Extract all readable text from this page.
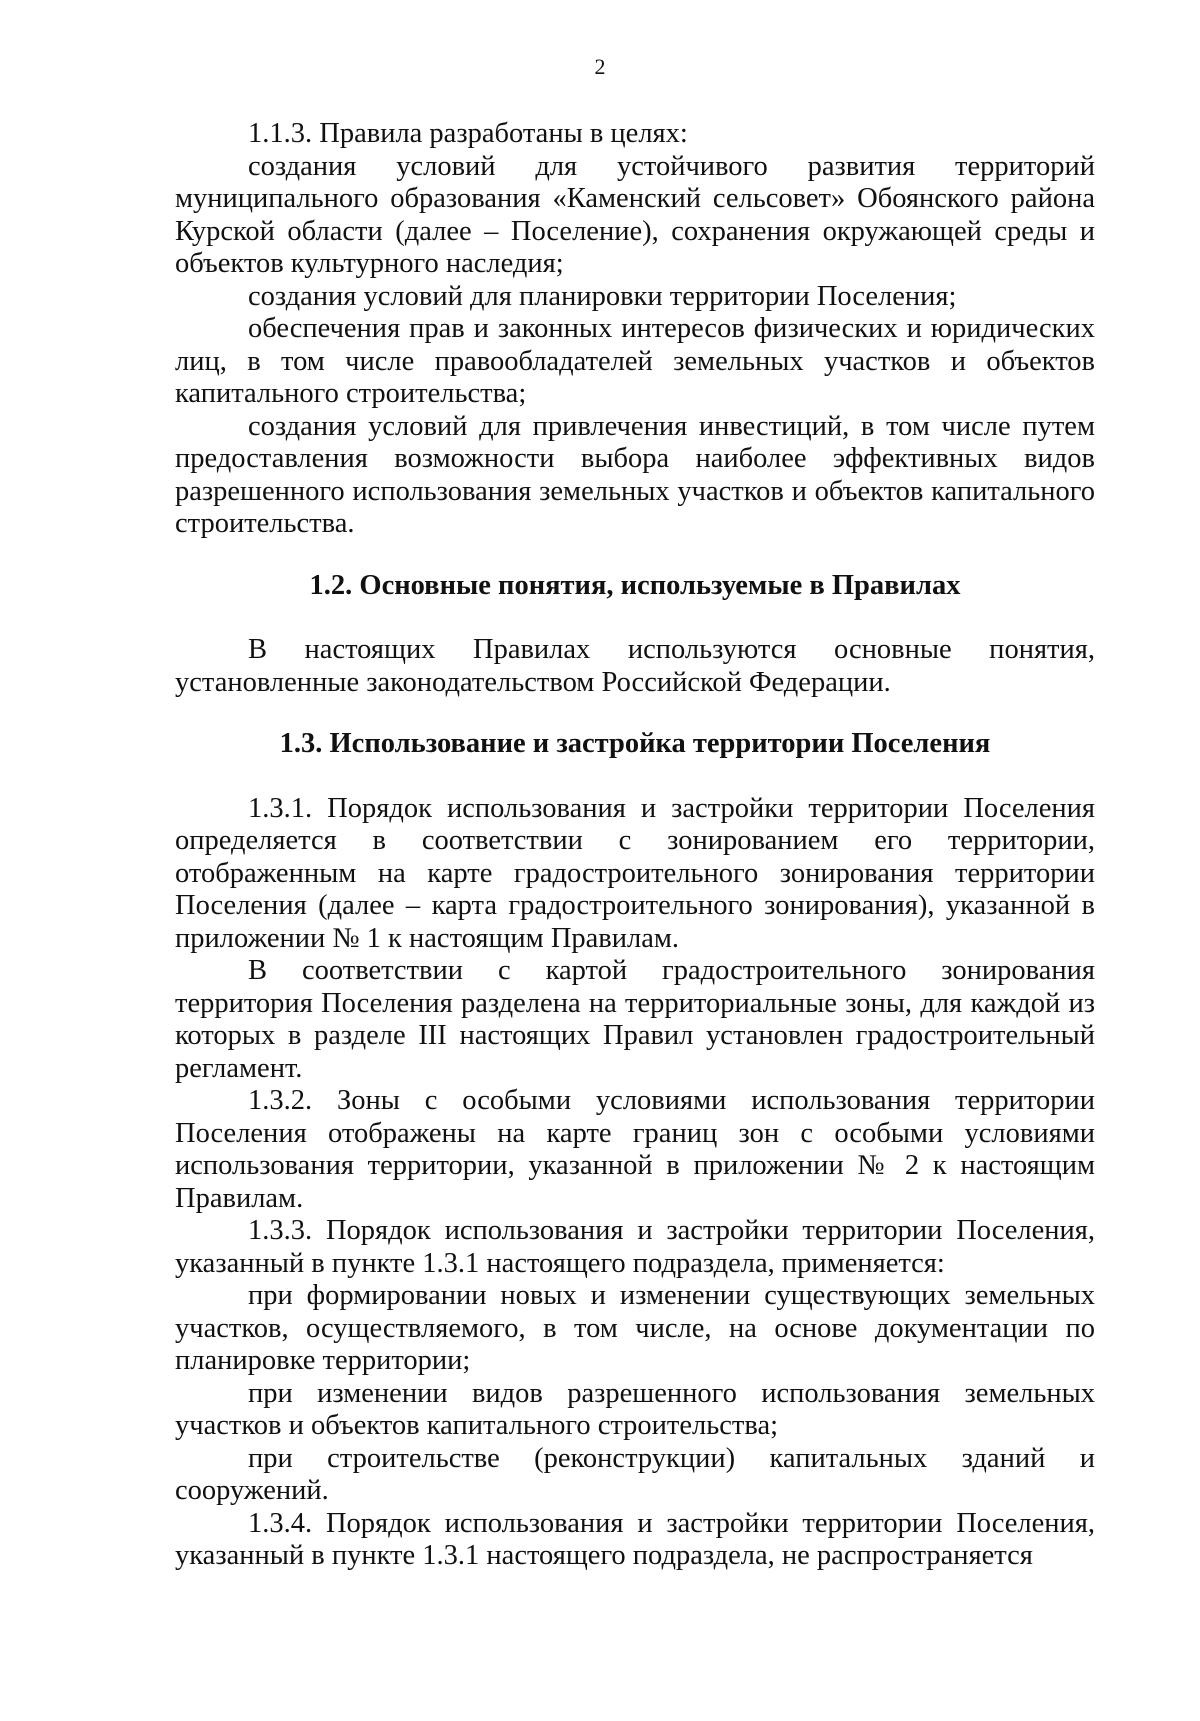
2

1.1.3. Правила разработаны в целях:

создания условий для устойчивого развития территорий муниципального образования «Каменский сельсовет» Обоянского района Курской области (далее – Поселение), сохранения окружающей среды и объектов культурного наследия;

создания условий для планировки территории Поселения;

обеспечения прав и законных интересов физических и юридических лиц, в том числе правообладателей земельных участков и объектов капитального строительства;

создания условий для привлечения инвестиций, в том числе путем предоставления возможности выбора наиболее эффективных видов разрешенного использования земельных участков и объектов капитального строительства.

1.2. Основные понятия, используемые в Правилах

В настоящих Правилах используются основные понятия, установленные законодательством Российской Федерации.

1.3. Использование и застройка территории Поселения

1.3.1. Порядок использования и застройки территории Поселения определяется в соответствии с зонированием его территории, отображенным на карте градостроительного зонирования территории Поселения (далее – карта градостроительного зонирования), указанной в приложении № 1 к настоящим Правилам.

В соответствии с картой градостроительного зонирования территория Поселения разделена на территориальные зоны, для каждой из которых в разделе III настоящих Правил установлен градостроительный регламент.

1.3.2. Зоны с особыми условиями использования территории Поселения отображены на карте границ зон с особыми условиями использования территории, указанной в приложении № 2 к настоящим Правилам.

1.3.3. Порядок использования и застройки территории Поселения, указанный в пункте 1.3.1 настоящего подраздела, применяется:

при формировании новых и изменении существующих земельных участков, осуществляемого, в том числе, на основе документации по планировке территории;

при изменении видов разрешенного использования земельных участков и объектов капитального строительства;

при строительстве (реконструкции) капитальных зданий и сооружений.

1.3.4. Порядок использования и застройки территории Поселения, указанный в пункте 1.3.1 настоящего подраздела, не распространяется
